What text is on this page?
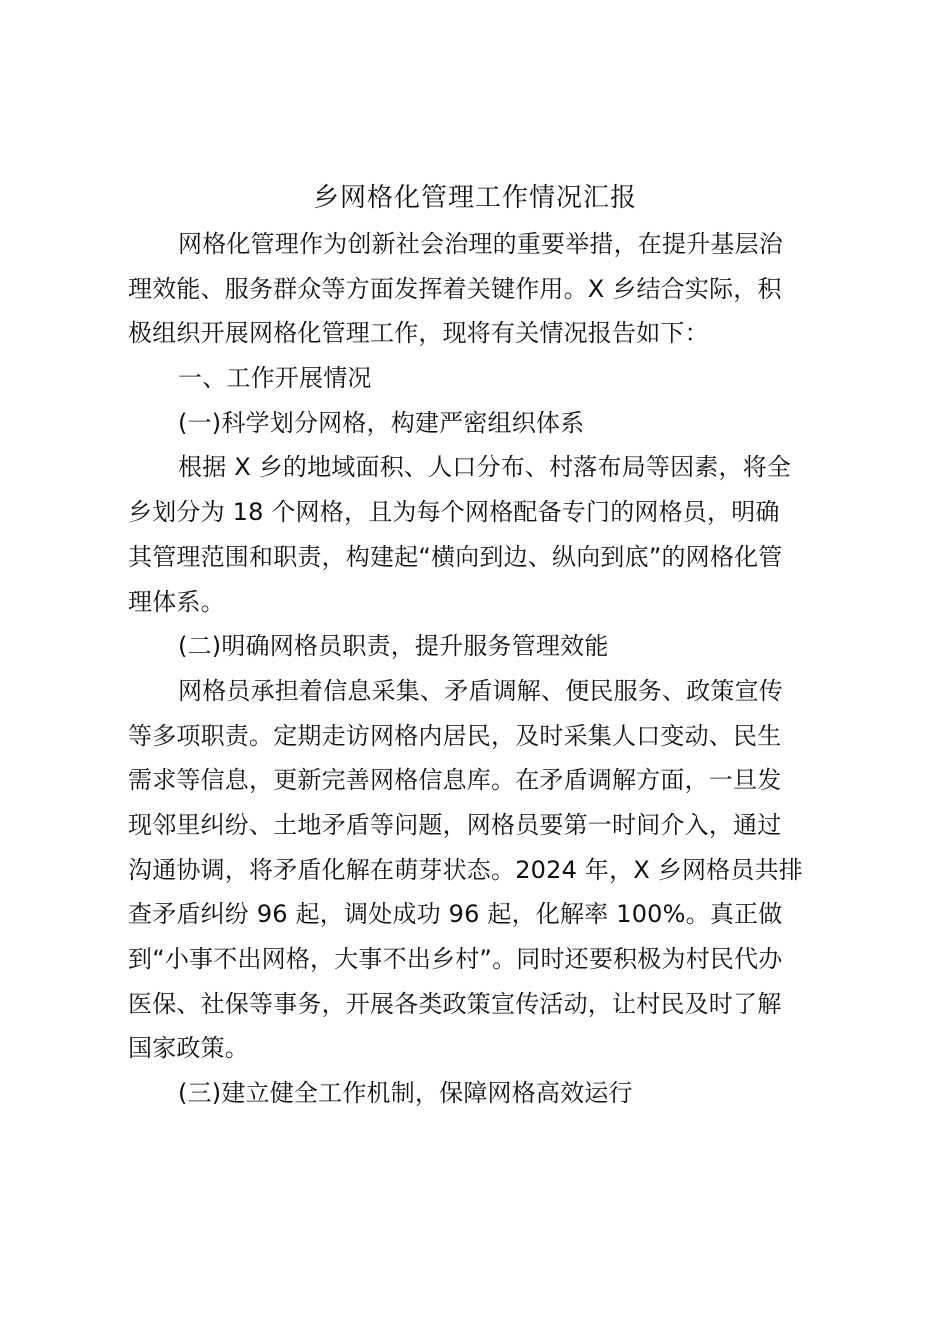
乡网格化管理工作情况汇报
网格化管理作为创新社会治理的重要举措，在提升基层治
理效能、服务群众等方面发挥着关键作用。X 乡结合实际，积
极组织开展网格化管理工作，现将有关情况报告如下：
一、工作开展情况
(一)科学划分网格，构建严密组织体系
根据 X 乡的地域面积、人口分布、村落布局等因素，将全
乡划分为 18 个网格，且为每个网格配备专门的网格员，明确
其管理范围和职责，构建起“横向到边、纵向到底”的网格化管
理体系。
(二)明确网格员职责，提升服务管理效能
网格员承担着信息采集、矛盾调解、便民服务、政策宣传
等多项职责。定期走访网格内居民，及时采集人口变动、民生
需求等信息，更新完善网格信息库。在矛盾调解方面，一旦发
现邻里纠纷、土地矛盾等问题，网格员要第一时间介入，通过
沟通协调，将矛盾化解在萌芽状态。2024 年，X 乡网格员共排
查矛盾纠纷 96 起，调处成功 96 起，化解率 100%。真正做
到“小事不出网格，大事不出乡村”。同时还要积极为村民代办
医保、社保等事务，开展各类政策宣传活动，让村民及时了解
国家政策。
(三)建立健全工作机制，保障网格高效运行
